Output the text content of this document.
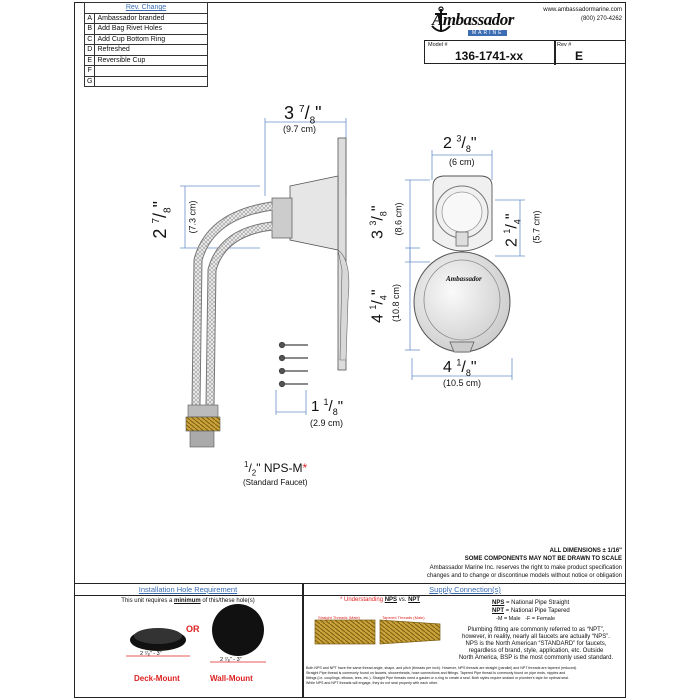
Rev. Change	
A	Ambassador branded
B	Add Bag Rivet Holes
C	Add Cup Bottom Ring
D	Refreshed
E	Reversible Cup
F	
G	
Ambassador
MARINE
www.ambassadormarine.com
(800) 270-4262
Model #
136-1741-xx
Rev #
E
3 $^7/_8$"
(9.7 cm)
2 $^7/_8$"	(7.3 cm)
1 $^1/_8$"
(2.9 cm)
2 $^3/_8$"
(6 cm)
3 $^3/_8$" (8.6 cm)
2 $^1/_4$" (5.7 cm)
4 $^1/_4$" (10.8 cm)
4 $^1/_8$"
(10.5 cm)
$^1/_2$" NPS-M*
(Standard Faucet)
Ambassador
ALL DIMENSIONS ± 1/16"
SOME COMPONENTS MAY NOT BE DRAWN TO SCALE
Ambassador Marine Inc. reserves the right to make product specification
changes and to change or discontinue models without notice or obligation
Installation Hole Requirement
This unit requires a minimum of this/these hole(s)
OR
2 ⁷⁄₈" - 3"
2 ⁷⁄₈" - 3"
Deck-Mount	Wall-Mount
Supply Connection(s)
* Understanding NPS vs. NPT
Straight Threads (Male)	Tapered Threads (Male)
NPS = National Pipe Straight
NPT = National Pipe Tapered
-M = Male -F = Female
Plumbing fitting are commonly referred to as “NPT”,
however, in reality, nearly all faucets are actually “NPS”.
NPS is the North American “STANDARD” for faucets,
regardless of brand, style, application, etc. Outside
North America, BSP is the most commonly used standard.
Both NPS and NPT have the same thread angle, shape, and pitch (threads per inch). However, NPS threads are straight (parallel) and NPT threads are tapered (reduced).
Straight Pipe thread is commonly found on faucets, showerheads, hose connections and fittings. Tapered Pipe thread is commonly found on pipe ends, nipples and
fittings (i.e. couplings, elbows, tees, etc.). Straight Pipe threads need a gasket or o-ring to create a seal. Both styles require sealant or plumber's tape for optimal seal.
While NPS and NPT threads will engage, they do not seal properly with each other.
